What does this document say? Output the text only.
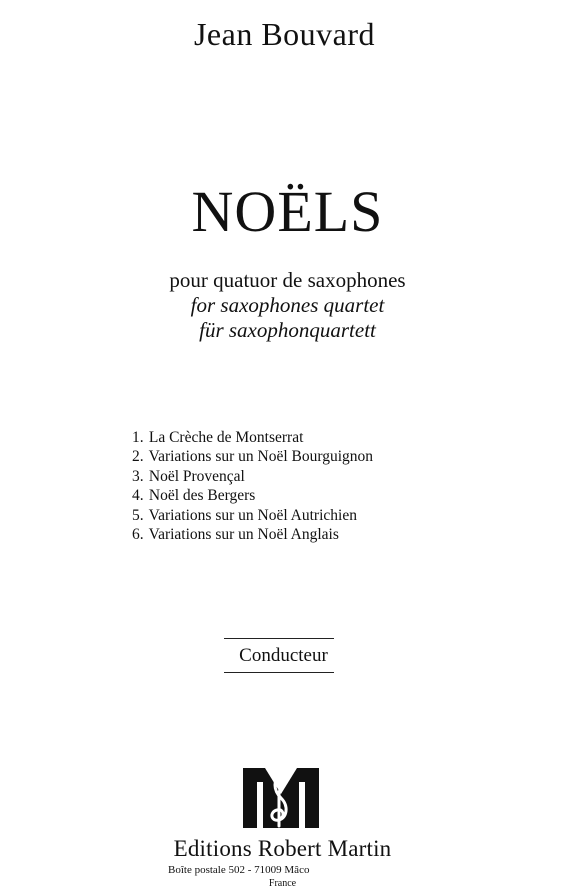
Jean Bouvard
NOËLS
pour quatuor de saxophones
for saxophones quartet
für saxophonquartett
1. La Crèche de Montserrat
2. Variations sur un Noël Bourguignon
3. Noël Provençal
4. Noël des Bergers
5. Variations sur un Noël Autrichien
6. Variations sur un Noël Anglais
Conducteur
Editions Robert Martin
Boîte postale 502 - 71009 Mâco
France
